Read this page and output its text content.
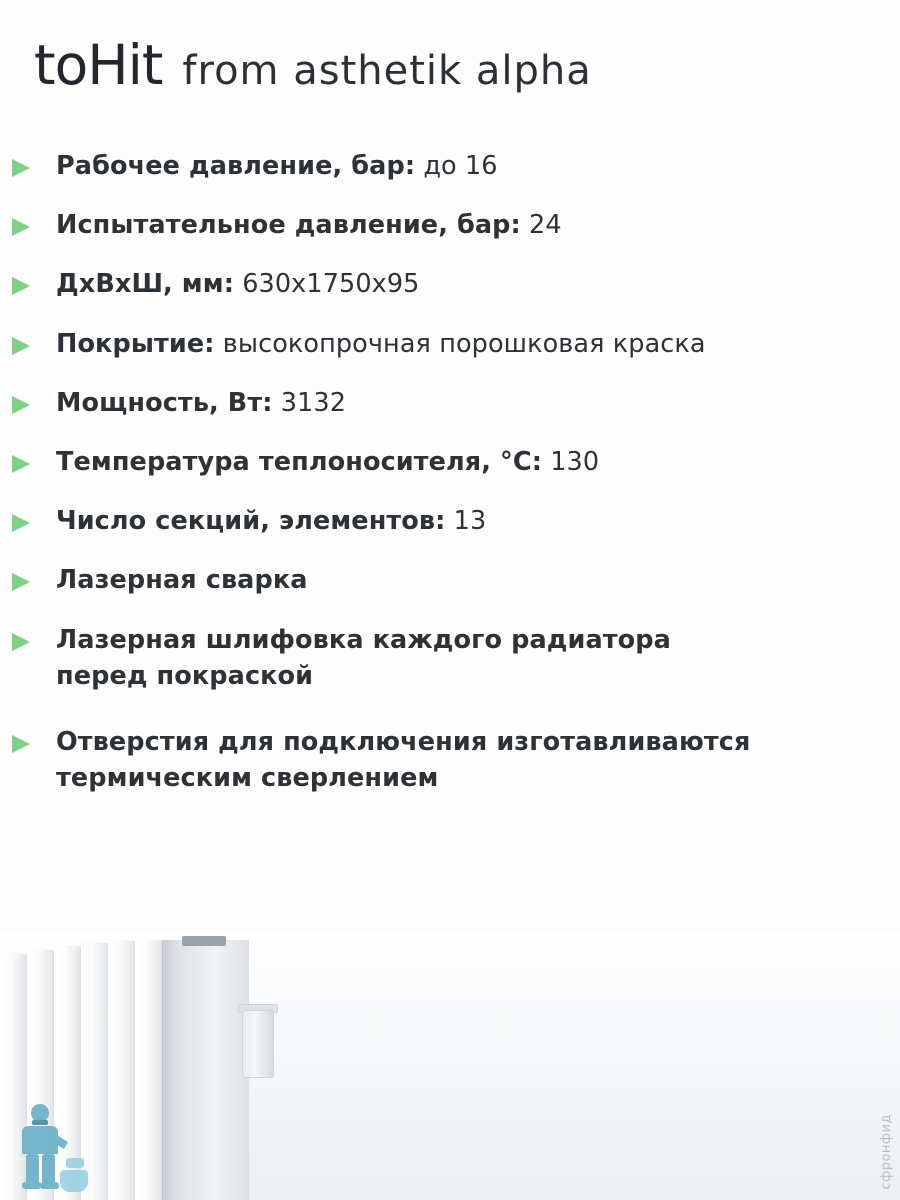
toHit from asthetik alpha
Рабочее давление, бар: до 16
Испытательное давление, бар: 24
ДхВхШ, мм: 630x1750x95
Покрытие: высокопрочная порошковая краска
Мощность, Вт: 3132
Температура теплоносителя, °С: 130
Число секций, элементов: 13
Лазерная сварка
Лазерная шлифовка каждого радиатора перед покраской
Отверстия для подключения изготавливаются термическим сверлением
сфронфид
